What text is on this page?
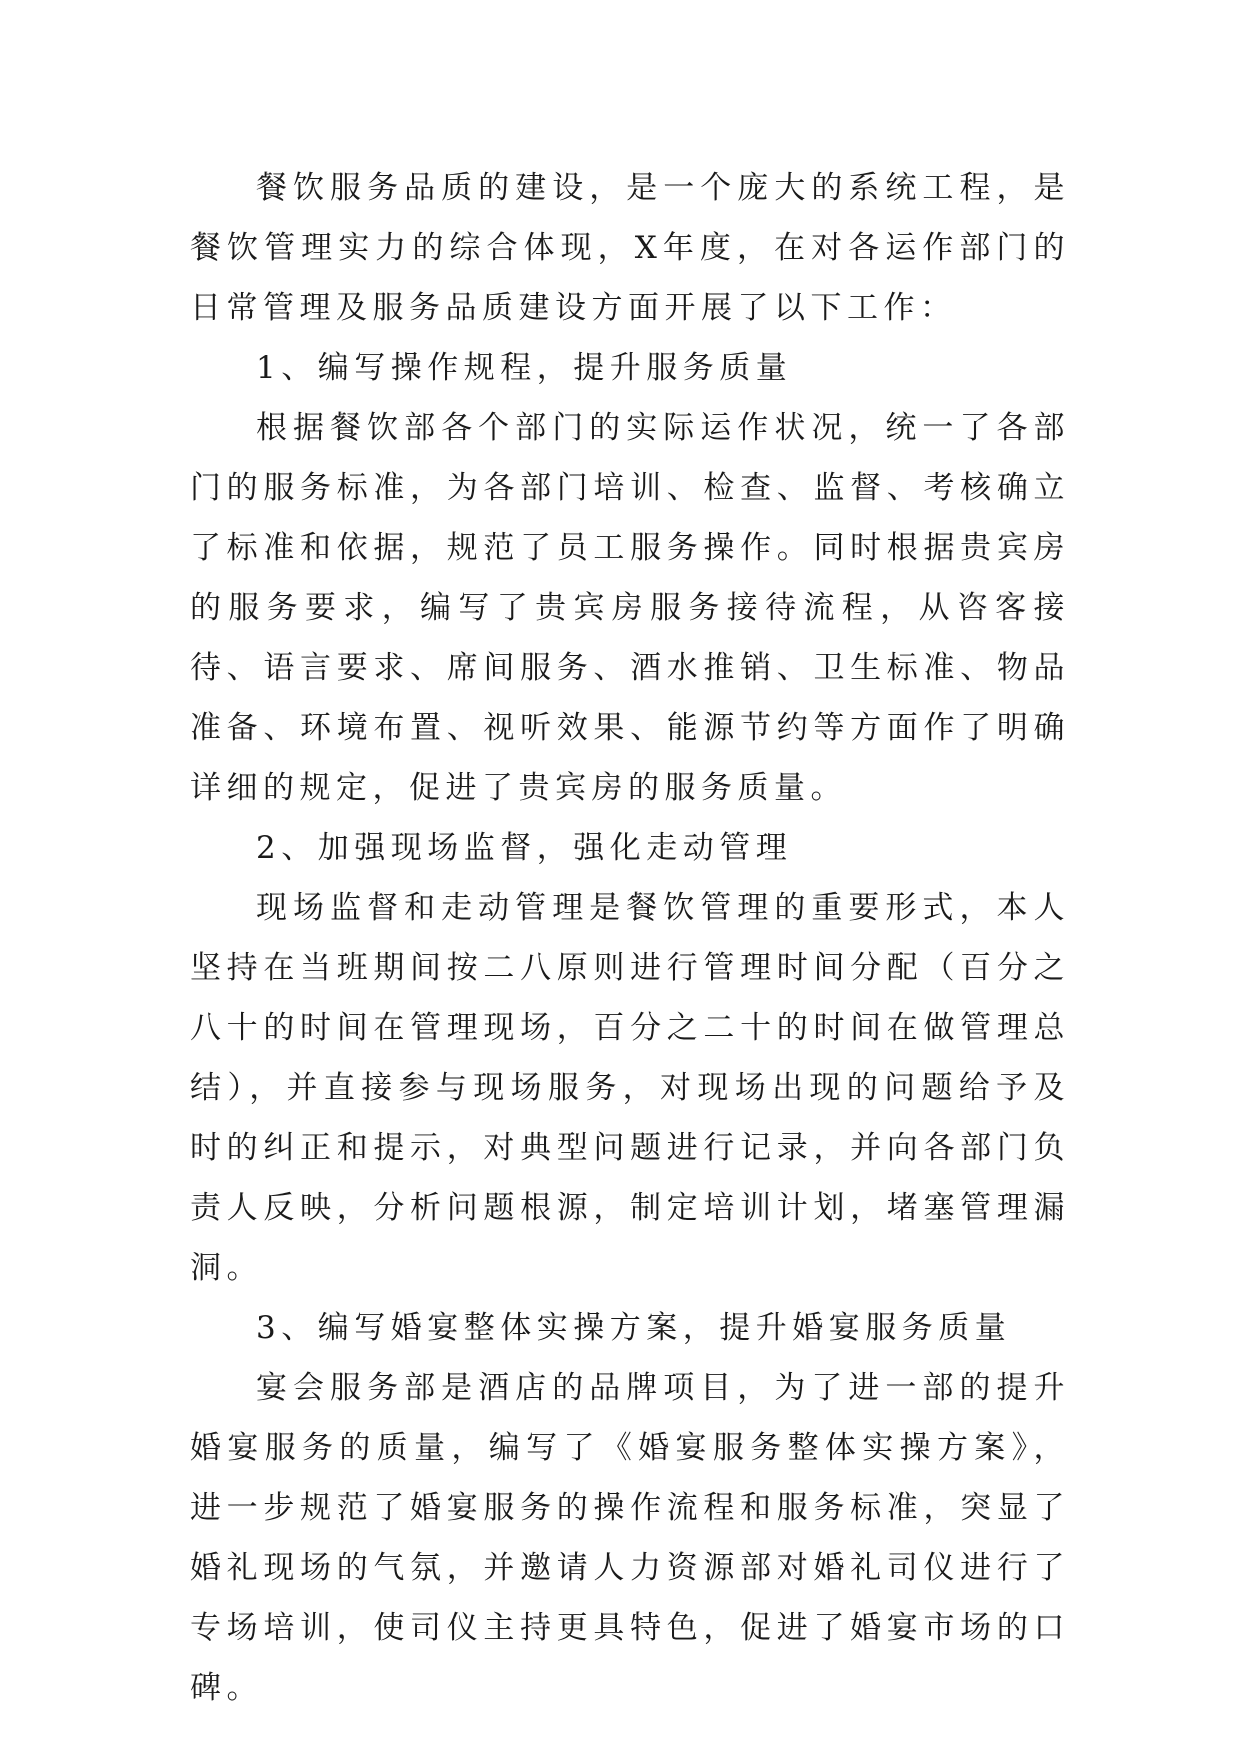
餐饮服务品质的建设，是一个庞大的系统工程，是餐饮管理实力的综合体现，X年度，在对各运作部门的日常管理及服务品质建设方面开展了以下工作：

1、编写操作规程，提升服务质量

根据餐饮部各个部门的实际运作状况，统一了各部门的服务标准，为各部门培训、检查、监督、考核确立了标准和依据，规范了员工服务操作。同时根据贵宾房的服务要求，编写了贵宾房服务接待流程，从咨客接待、语言要求、席间服务、酒水推销、卫生标准、物品准备、环境布置、视听效果、能源节约等方面作了明确详细的规定，促进了贵宾房的服务质量。

2、加强现场监督，强化走动管理

现场监督和走动管理是餐饮管理的重要形式，本人坚持在当班期间按二八原则进行管理时间分配（百分之八十的时间在管理现场，百分之二十的时间在做管理总结），并直接参与现场服务，对现场出现的问题给予及时的纠正和提示，对典型问题进行记录，并向各部门负责人反映，分析问题根源，制定培训计划，堵塞管理漏洞。

3、编写婚宴整体实操方案，提升婚宴服务质量

宴会服务部是酒店的品牌项目，为了进一部的提升婚宴服务的质量，编写了《婚宴服务整体实操方案》，进一步规范了婚宴服务的操作流程和服务标准，突显了婚礼现场的气氛，并邀请人力资源部对婚礼司仪进行了专场培训，使司仪主持更具特色，促进了婚宴市场的口碑。
